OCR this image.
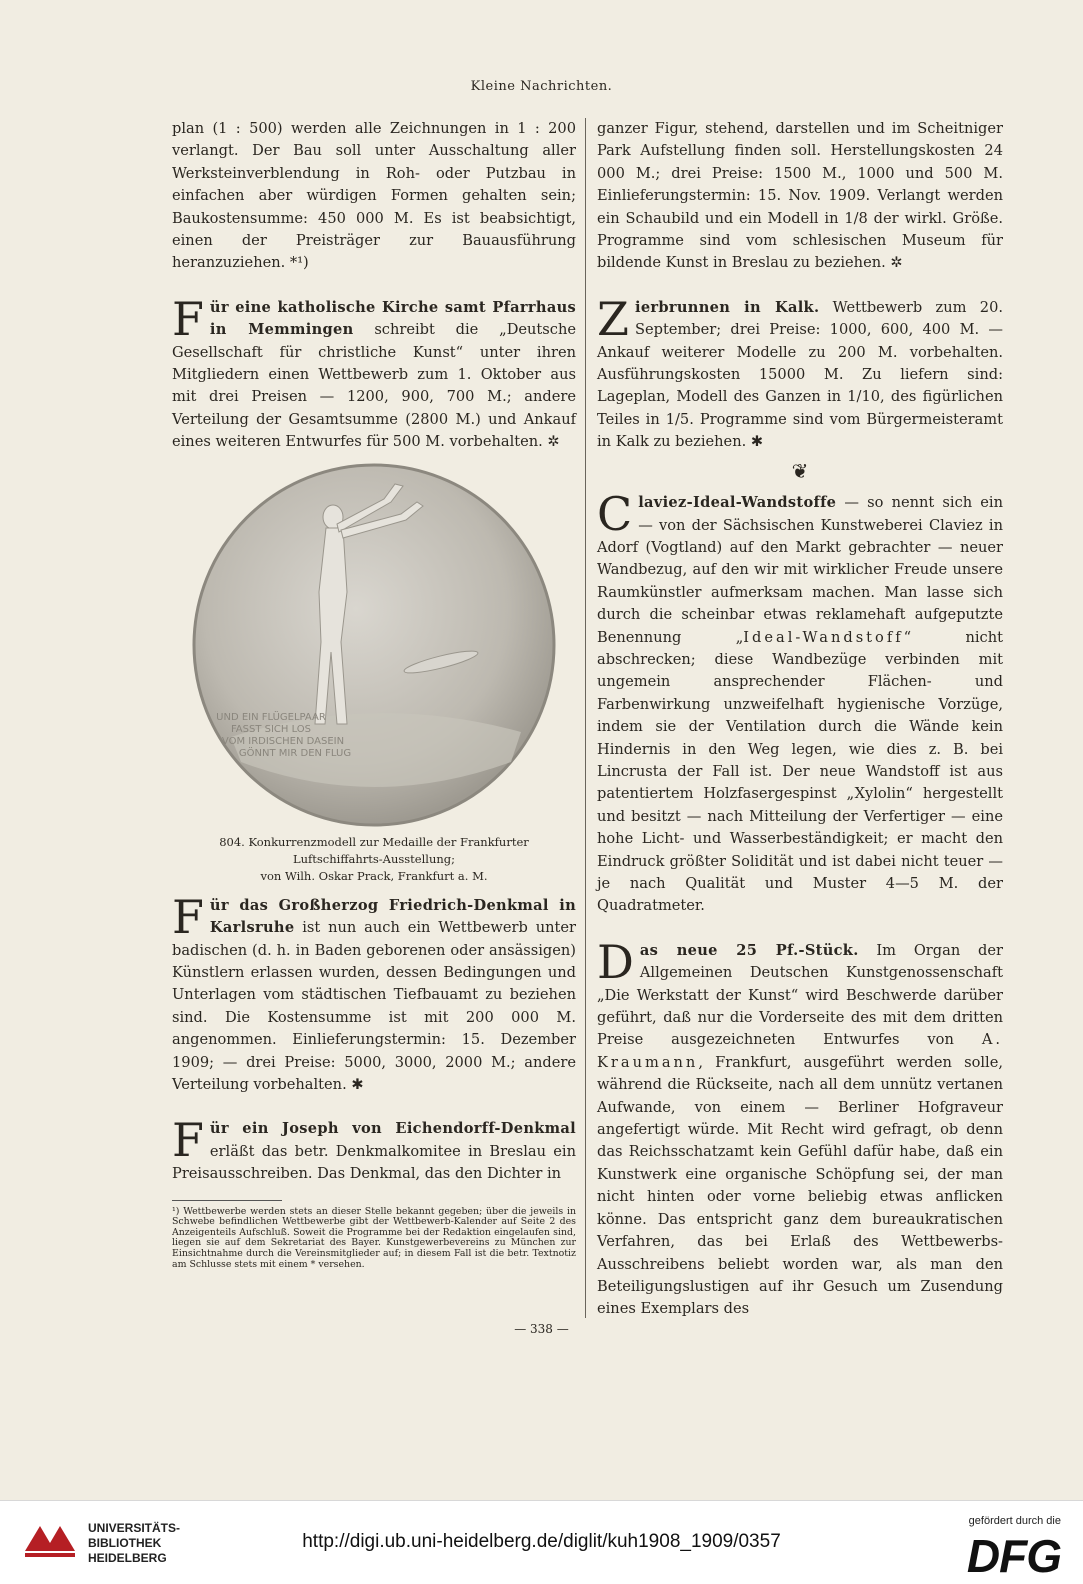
Kleine Nachrichten.

plan (1 : 500) werden alle Zeichnungen in 1 : 200 verlangt. Der Bau soll unter Ausschaltung aller Werksteinverblendung in Roh- oder Putzbau in einfachen aber würdigen Formen gehalten sein; Baukostensumme: 450 000 M. Es ist beabsichtigt, einen der Preisträger zur Bauausführung heranzuziehen. *¹)

Für eine katholische Kirche samt Pfarrhaus in Memmingen schreibt die „Deutsche Gesellschaft für christliche Kunst“ unter ihren Mitgliedern einen Wettbewerb zum 1. Oktober aus mit drei Preisen — 1200, 900, 700 M.; andere Verteilung der Gesamtsumme (2800 M.) und Ankauf eines weiteren Entwurfes für 500 M. vorbehalten. ✲

UND EIN FLÜGELPAAR
FASST SICH LOS
VOM IRDISCHEN DASEIN
GÖNNT MIR DEN FLUG
804. Konkurrenzmodell zur Medaille der Frankfurter
Luftschiffahrts-Ausstellung;
von Wilh. Oskar Prack, Frankfurt a. M.

Für das Großherzog Friedrich-Denkmal in Karlsruhe ist nun auch ein Wettbewerb unter badischen (d. h. in Baden geborenen oder ansässigen) Künstlern erlassen wurden, dessen Bedingungen und Unterlagen vom städtischen Tiefbauamt zu beziehen sind. Die Kostensumme ist mit 200 000 M. angenommen. Einlieferungstermin: 15. Dezember 1909; — drei Preise: 5000, 3000, 2000 M.; andere Verteilung vorbehalten. ✱

Für ein Joseph von Eichendorff-Denkmal erläßt das betr. Denkmalkomitee in Breslau ein Preisausschreiben. Das Denkmal, das den Dichter in

¹) Wettbewerbe werden stets an dieser Stelle bekannt gegeben; über die jeweils in Schwebe befindlichen Wettbewerbe gibt der Wettbewerb-Kalender auf Seite 2 des Anzeigenteils Aufschluß. Soweit die Programme bei der Redaktion eingelaufen sind, liegen sie auf dem Sekretariat des Bayer. Kunstgewerbevereins zu München zur Einsichtnahme durch die Vereinsmitglieder auf; in diesem Fall ist die betr. Textnotiz am Schlusse stets mit einem * versehen.

ganzer Figur, stehend, darstellen und im Scheitniger Park Aufstellung finden soll. Herstellungskosten 24 000 M.; drei Preise: 1500 M., 1000 und 500 M. Einlieferungstermin: 15. Nov. 1909. Verlangt werden ein Schaubild und ein Modell in 1/8 der wirkl. Größe. Programme sind vom schlesischen Museum für bildende Kunst in Breslau zu beziehen. ✲

Zierbrunnen in Kalk. Wettbewerb zum 20. September; drei Preise: 1000, 600, 400 M. — Ankauf weiterer Modelle zu 200 M. vorbehalten. Ausführungskosten 15000 M. Zu liefern sind: Lageplan, Modell des Ganzen in 1/10, des figürlichen Teiles in 1/5. Programme sind vom Bürgermeisteramt in Kalk zu beziehen. ✱

❦

Claviez-Ideal-Wandstoffe — so nennt sich ein — von der Sächsischen Kunstweberei Claviez in Adorf (Vogtland) auf den Markt gebrachter — neuer Wandbezug, auf den wir mit wirklicher Freude unsere Raumkünstler aufmerksam machen. Man lasse sich durch die scheinbar etwas reklamehaft aufgeputzte Benennung „Ideal-Wandstoff“ nicht abschrecken; diese Wandbezüge verbinden mit ungemein ansprechender Flächen- und Farbenwirkung unzweifelhaft hygienische Vorzüge, indem sie der Ventilation durch die Wände kein Hindernis in den Weg legen, wie dies z. B. bei Lincrusta der Fall ist. Der neue Wandstoff ist aus patentiertem Holzfasergespinst „Xylolin“ hergestellt und besitzt — nach Mitteilung der Verfertiger — eine hohe Licht- und Wasserbeständigkeit; er macht den Eindruck größter Solidität und ist dabei nicht teuer — je nach Qualität und Muster 4—5 M. der Quadratmeter.

Das neue 25 Pf.-Stück. Im Organ der Allgemeinen Deutschen Kunstgenossenschaft „Die Werkstatt der Kunst“ wird Beschwerde darüber geführt, daß nur die Vorderseite des mit dem dritten Preise ausgezeichneten Entwurfes von A. Kraumann, Frankfurt, ausgeführt werden solle, während die Rückseite, nach all dem unnütz vertanen Aufwande, von einem — Berliner Hofgraveur angefertigt würde. Mit Recht wird gefragt, ob denn das Reichsschatzamt kein Gefühl dafür habe, daß ein Kunstwerk eine organische Schöpfung sei, der man nicht hinten oder vorne beliebig etwas anflicken könne. Das entspricht ganz dem bureaukratischen Verfahren, das bei Erlaß des Wettbewerbs-Ausschreibens beliebt worden war, als man den Beteiligungslustigen auf ihr Gesuch um Zusendung eines Exemplars des

— 338 —
UNIVERSITÄTS-
BIBLIOTHEK
HEIDELBERG
http://digi.ub.uni-heidelberg.de/diglit/kuh1908_1909/0357
gefördert durch die
DFG
